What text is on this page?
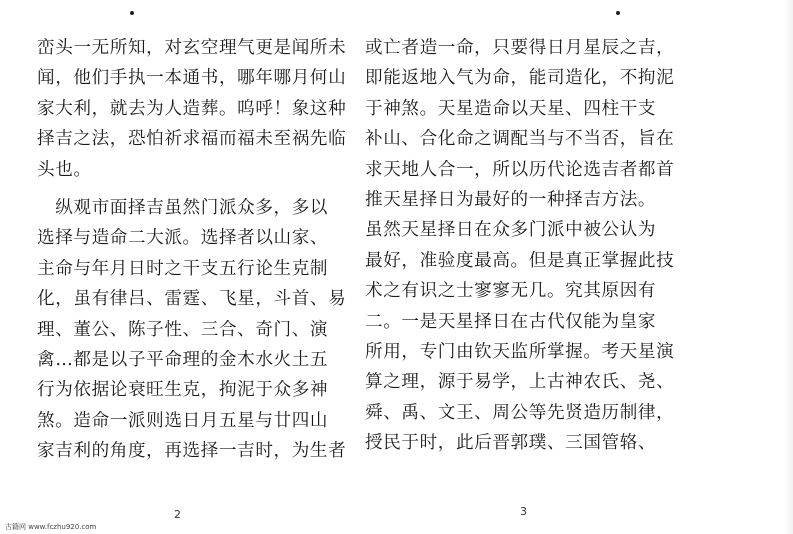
峦头一无所知，对玄空理气更是闻所未
闻，他们手执一本通书，哪年哪月何山
家大利，就去为人造葬。呜呼！象这种
择吉之法，恐怕祈求福而福未至祸先临
头也。
　纵观市面择吉虽然门派众多，多以
选择与造命二大派。选择者以山家、
主命与年月日时之干支五行论生克制
化，虽有律吕、雷霆、飞星，斗首、易
理、董公、陈子性、三合、奇门、演
禽…都是以子平命理的金木水火土五
行为依据论衰旺生克，拘泥于众多神
煞。造命一派则选日月五星与廿四山
家吉利的角度，再选择一吉时，为生者
或亡者造一命，只要得日月星辰之吉，
即能返地入气为命，能司造化，不拘泥
于神煞。天星造命以天星、四柱干支
补山、合化命之调配当与不当否，旨在
求天地人合一，所以历代论选吉者都首
推天星择日为最好的一种择吉方法。
虽然天星择日在众多门派中被公认为
最好，准验度最高。但是真正掌握此技
术之有识之士寥寥无几。究其原因有
二。一是天星择日在古代仅能为皇家
所用，专门由钦天监所掌握。考天星演
算之理，源于易学，上古神农氏、尧、
舜、禹、文王、周公等先贤造历制律，
授民于时，此后晋郭璞、三国管辂、
2	3
古籍网 www.fczhu920.com
